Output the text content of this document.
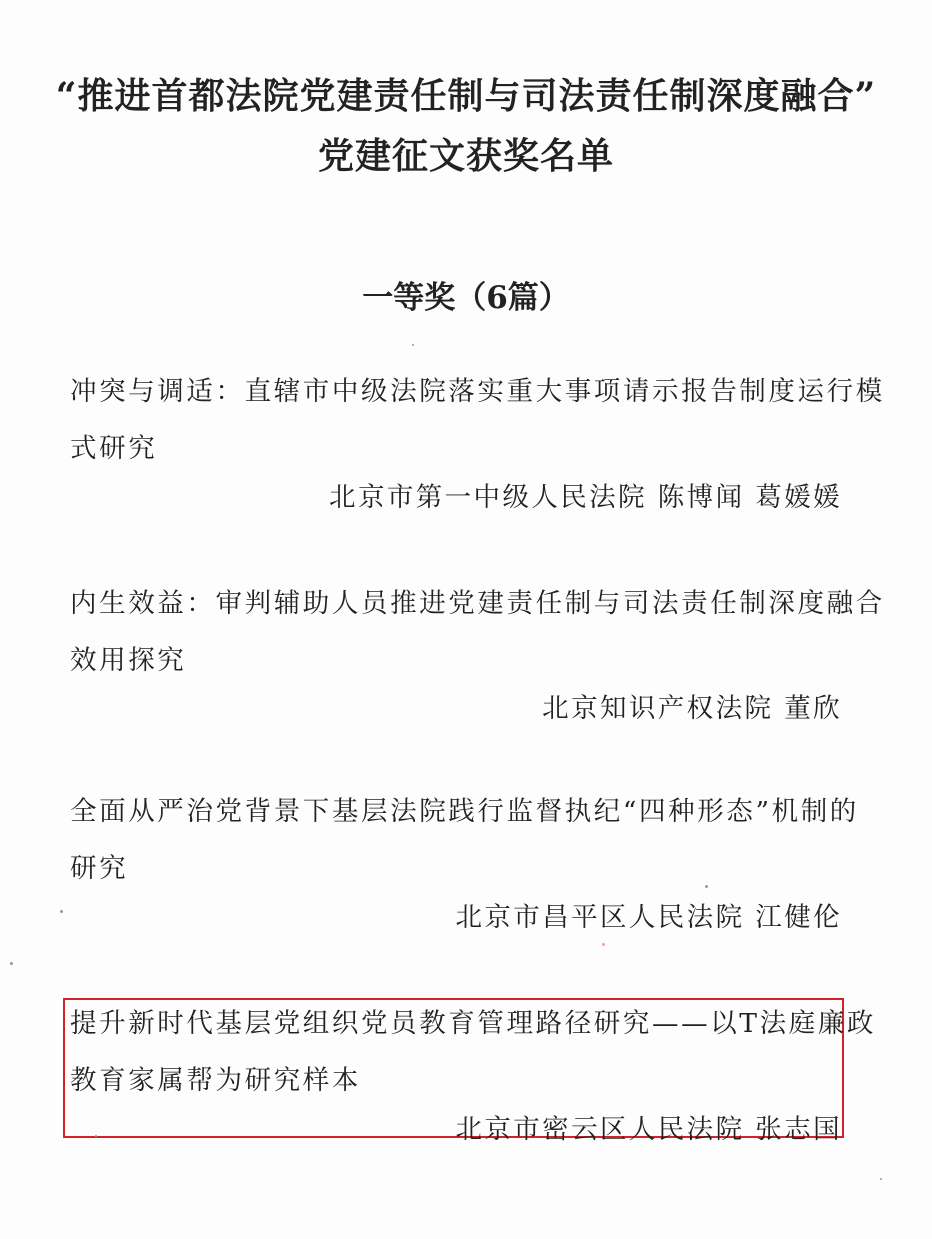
“推进首都法院党建责任制与司法责任制深度融合”
党建征文获奖名单
一等奖（6篇）
冲突与调适：直辖市中级法院落实重大事项请示报告制度运行模
式研究
北京市第一中级人民法院 陈博闻 葛媛媛
内生效益：审判辅助人员推进党建责任制与司法责任制深度融合
效用探究
北京知识产权法院 董欣
全面从严治党背景下基层法院践行监督执纪“四种形态”机制的
研究
北京市昌平区人民法院 江健伦
提升新时代基层党组织党员教育管理路径研究——以T法庭廉政
教育家属帮为研究样本
北京市密云区人民法院 张志国
